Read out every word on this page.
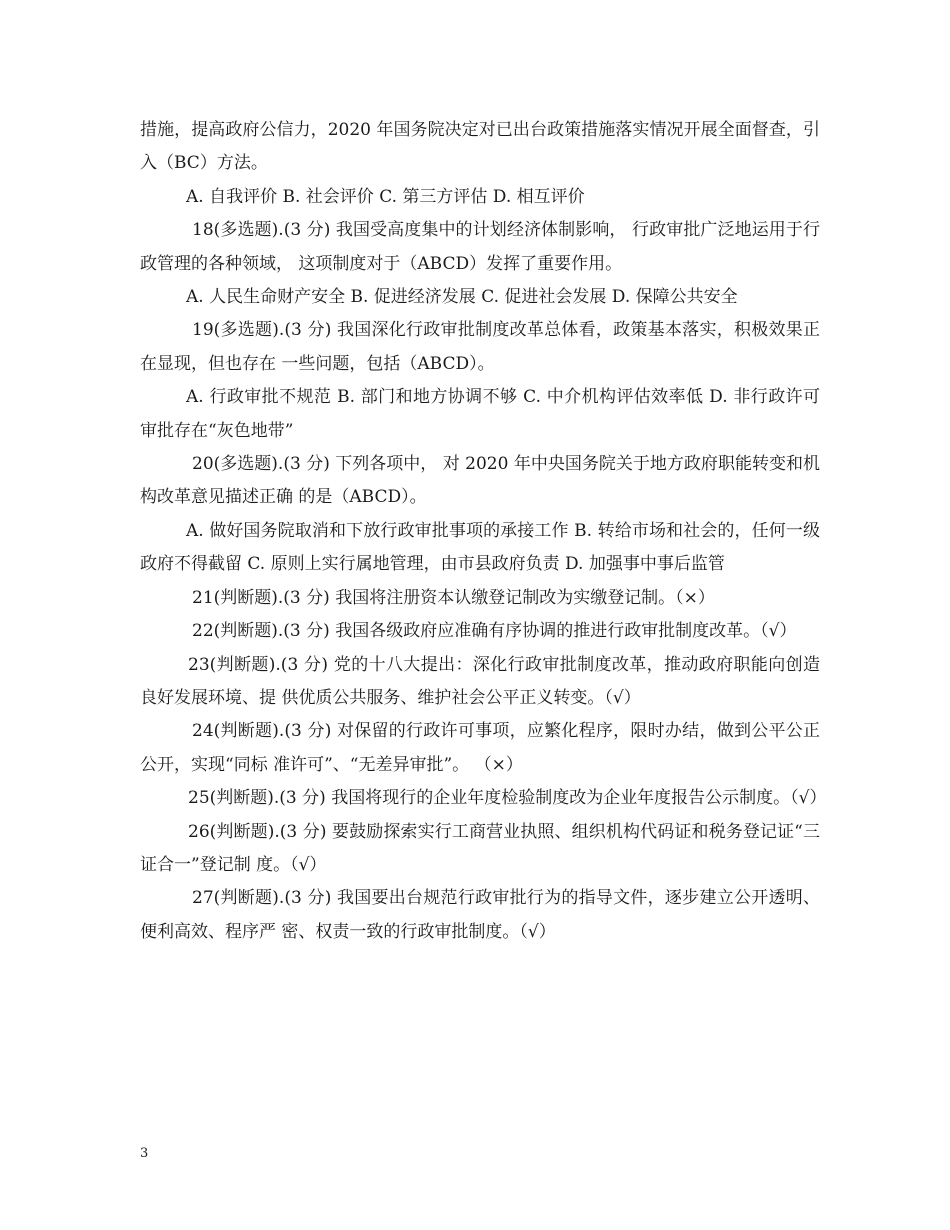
措施，提高政府公信力，2020 年国务院决定对已出台政策措施落实情况开展全面督查，引入（BC）方法。

A. 自我评价 B. 社会评价 C. 第三方评估 D. 相互评价

18(多选题).(3 分) 我国受高度集中的计划经济体制影响， 行政审批广泛地运用于行政管理的各种领域， 这项制度对于（ABCD）发挥了重要作用。

A. 人民生命财产安全 B. 促进经济发展 C. 促进社会发展 D. 保障公共安全

19(多选题).(3 分) 我国深化行政审批制度改革总体看，政策基本落实，积极效果正在显现，但也存在 一些问题，包括（ABCD）。

A. 行政审批不规范 B. 部门和地方协调不够 C. 中介机构评估效率低 D. 非行政许可审批存在“灰色地带”

20(多选题).(3 分) 下列各项中， 对 2020 年中央国务院关于地方政府职能转变和机构改革意见描述正确 的是（ABCD）。

A. 做好国务院取消和下放行政审批事项的承接工作 B. 转给市场和社会的，任何一级政府不得截留 C. 原则上实行属地管理，由市县政府负责 D. 加强事中事后监管

21(判断题).(3 分) 我国将注册资本认缴登记制改为实缴登记制。（×）

22(判断题).(3 分) 我国各级政府应准确有序协调的推进行政审批制度改革。（√）

23(判断题).(3 分) 党的十八大提出：深化行政审批制度改革，推动政府职能向创造良好发展环境、提 供优质公共服务、维护社会公平正义转变。（√）

24(判断题).(3 分) 对保留的行政许可事项，应繁化程序，限时办结，做到公平公正公开，实现“同标 准许可”、“无差异审批”。 （×）

25(判断题).(3 分) 我国将现行的企业年度检验制度改为企业年度报告公示制度。（√）

26(判断题).(3 分) 要鼓励探索实行工商营业执照、组织机构代码证和税务登记证“三证合一”登记制 度。（√）

27(判断题).(3 分) 我国要出台规范行政审批行为的指导文件，逐步建立公开透明、便利高效、程序严 密、权责一致的行政审批制度。（√）

3
